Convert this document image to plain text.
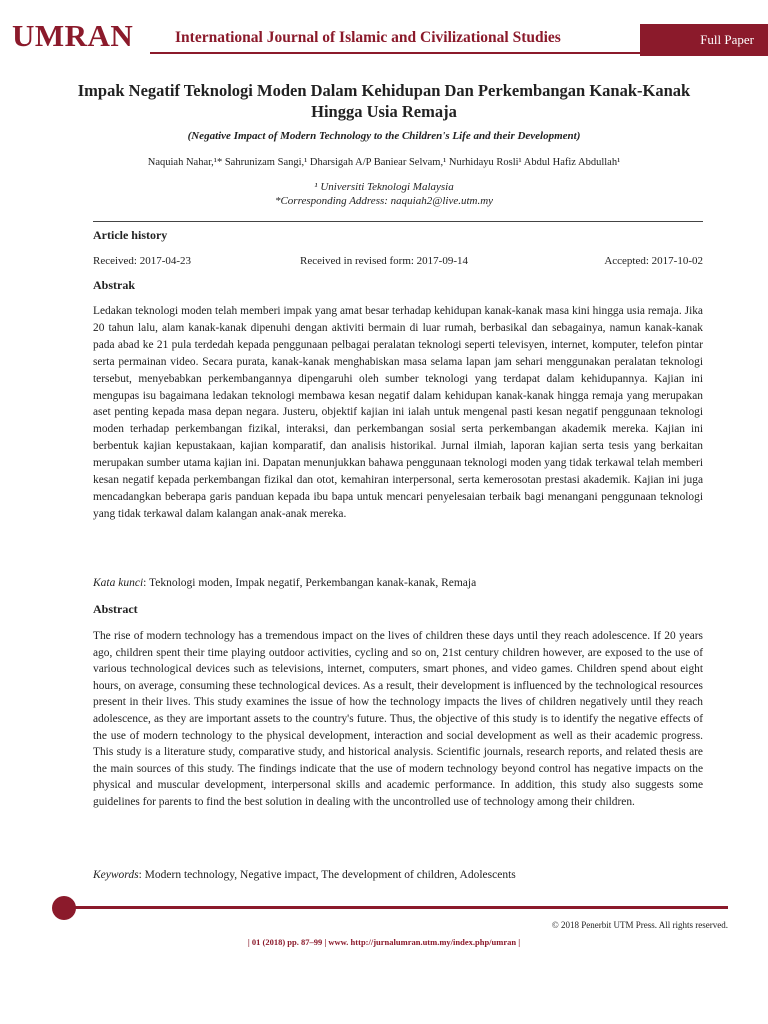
UMRAN	International Journal of Islamic and Civilizational Studies	Full Paper
Impak Negatif Teknologi Moden Dalam Kehidupan Dan Perkembangan Kanak-Kanak Hingga Usia Remaja
(Negative Impact of Modern Technology to the Children's Life and their Development)
Naquiah Nahar,¹* Sahrunizam Sangi,¹ Dharsigah A/P Baniear Selvam,¹ Nurhidayu Rosli¹ Abdul Hafiz Abdullah¹
¹ Universiti Teknologi Malaysia
*Corresponding Address: naquiah2@live.utm.my
Article history
Received: 2017-04-23	Received in revised form: 2017-09-14	Accepted: 2017-10-02
Abstrak
Ledakan teknologi moden telah memberi impak yang amat besar terhadap kehidupan kanak-kanak masa kini hingga usia remaja. Jika 20 tahun lalu, alam kanak-kanak dipenuhi dengan aktiviti bermain di luar rumah, berbasikal dan sebagainya, namun kanak-kanak pada abad ke 21 pula terdedah kepada penggunaan pelbagai peralatan teknologi seperti televisyen, internet, komputer, telefon pintar serta permainan video. Secara purata, kanak-kanak menghabiskan masa selama lapan jam sehari menggunakan peralatan teknologi tersebut, menyebabkan perkembangannya dipengaruhi oleh sumber teknologi yang terdapat dalam kehidupannya. Kajian ini mengupas isu bagaimana ledakan teknologi membawa kesan negatif dalam kehidupan kanak-kanak hingga remaja yang merupakan aset penting kepada masa depan negara. Justeru, objektif kajian ini ialah untuk mengenal pasti kesan negatif penggunaan teknologi moden terhadap perkembangan fizikal, interaksi, dan perkembangan sosial serta perkembangan akademik mereka. Kajian ini berbentuk kajian kepustakaan, kajian komparatif, dan analisis historikal. Jurnal ilmiah, laporan kajian serta tesis yang berkaitan merupakan sumber utama kajian ini. Dapatan menunjukkan bahawa penggunaan teknologi moden yang tidak terkawal telah memberi kesan negatif kepada perkembangan fizikal dan otot, kemahiran interpersonal, serta kemerosotan prestasi akademik. Kajian ini juga mencadangkan beberapa garis panduan kepada ibu bapa untuk mencari penyelesaian terbaik bagi menangani penggunaan teknologi yang tidak terkawal dalam kalangan anak-anak mereka.
Kata kunci: Teknologi moden, Impak negatif, Perkembangan kanak-kanak, Remaja
Abstract
The rise of modern technology has a tremendous impact on the lives of children these days until they reach adolescence. If 20 years ago, children spent their time playing outdoor activities, cycling and so on, 21st century children however, are exposed to the use of various technological devices such as televisions, internet, computers, smart phones, and video games. Children spend about eight hours, on average, consuming these technological devices. As a result, their development is influenced by the technological resources present in their lives. This study examines the issue of how the technology impacts the lives of children negatively until they reach adolescence, as they are important assets to the country's future. Thus, the objective of this study is to identify the negative effects of the use of modern technology to the physical development, interaction and social development as well as their academic progress. This study is a literature study, comparative study, and historical analysis. Scientific journals, research reports, and related thesis are the main sources of this study. The findings indicate that the use of modern technology beyond control has negative impacts on the physical and muscular development, interpersonal skills and academic performance. In addition, this study also suggests some guidelines for parents to find the best solution in dealing with the uncontrolled use of technology among their children.
Keywords: Modern technology, Negative impact, The development of children, Adolescents
© 2018 Penerbit UTM Press. All rights reserved.
| 01 (2018) pp. 87–99 | www. http://jurnalumran.utm.my/index.php/umran |
